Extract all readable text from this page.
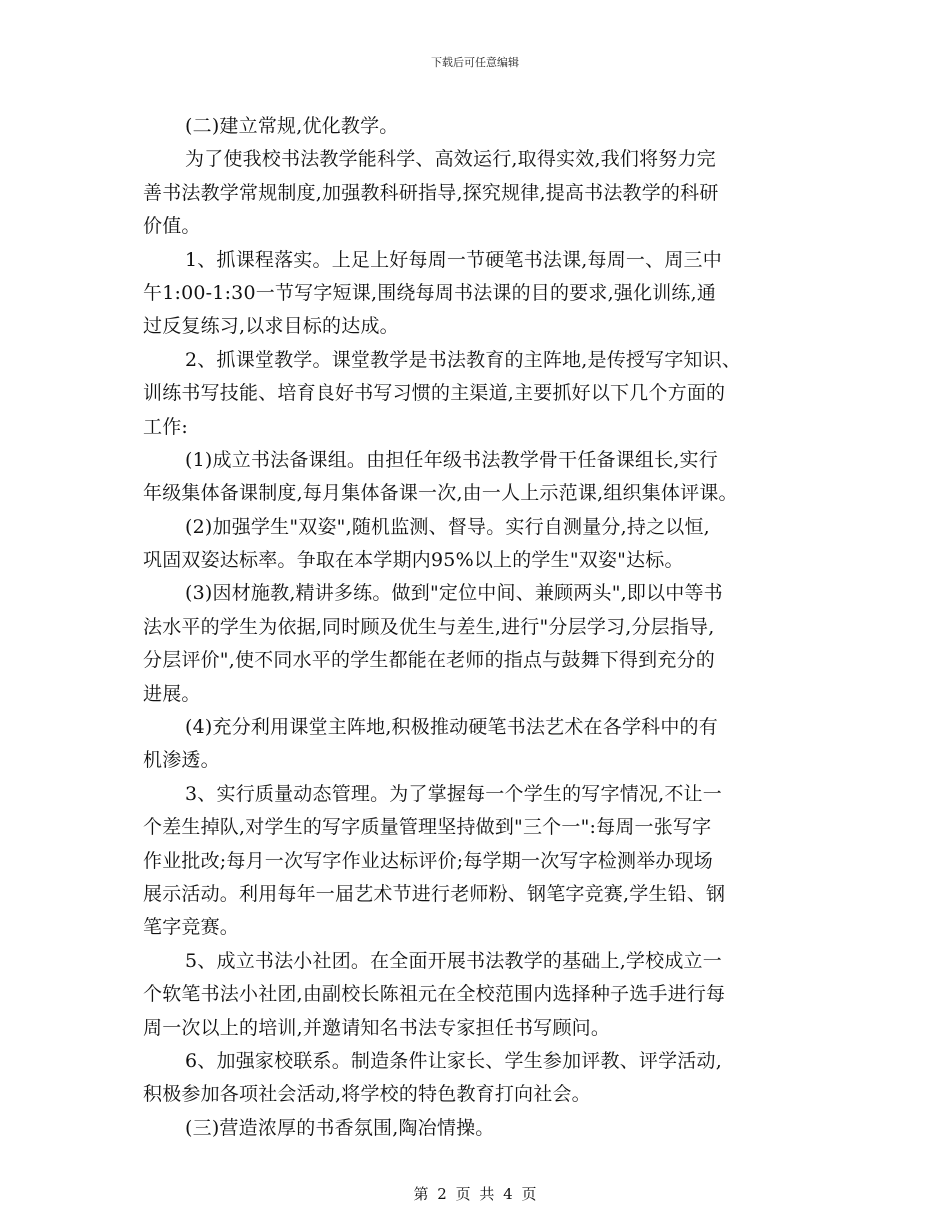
下载后可任意编辑
(二)建立常规,优化教学。
为了使我校书法教学能科学、高效运行,取得实效,我们将努力完
善书法教学常规制度,加强教科研指导,探究规律,提高书法教学的科研
价值。
1、抓课程落实。上足上好每周一节硬笔书法课,每周一、周三中
午1:00-1:30一节写字短课,围绕每周书法课的目的要求,强化训练,通
过反复练习,以求目标的达成。
2、抓课堂教学。课堂教学是书法教育的主阵地,是传授写字知识、
训练书写技能、培育良好书写习惯的主渠道,主要抓好以下几个方面的
工作:
(1)成立书法备课组。由担任年级书法教学骨干任备课组长,实行
年级集体备课制度,每月集体备课一次,由一人上示范课,组织集体评课。
(2)加强学生"双姿",随机监测、督导。实行自测量分,持之以恒,
巩固双姿达标率。争取在本学期内95%以上的学生"双姿"达标。
(3)因材施教,精讲多练。做到"定位中间、兼顾两头",即以中等书
法水平的学生为依据,同时顾及优生与差生,进行"分层学习,分层指导,
分层评价",使不同水平的学生都能在老师的指点与鼓舞下得到充分的
进展。
(4)充分利用课堂主阵地,积极推动硬笔书法艺术在各学科中的有
机渗透。
3、实行质量动态管理。为了掌握每一个学生的写字情况,不让一
个差生掉队,对学生的写字质量管理坚持做到"三个一":每周一张写字
作业批改;每月一次写字作业达标评价;每学期一次写字检测举办现场
展示活动。利用每年一届艺术节进行老师粉、钢笔字竞赛,学生铅、钢
笔字竞赛。
5、成立书法小社团。在全面开展书法教学的基础上,学校成立一
个软笔书法小社团,由副校长陈祖元在全校范围内选择种子选手进行每
周一次以上的培训,并邀请知名书法专家担任书写顾问。
6、加强家校联系。制造条件让家长、学生参加评教、评学活动,
积极参加各项社会活动,将学校的特色教育打向社会。
(三)营造浓厚的书香氛围,陶冶情操。
第 2 页 共 4 页
